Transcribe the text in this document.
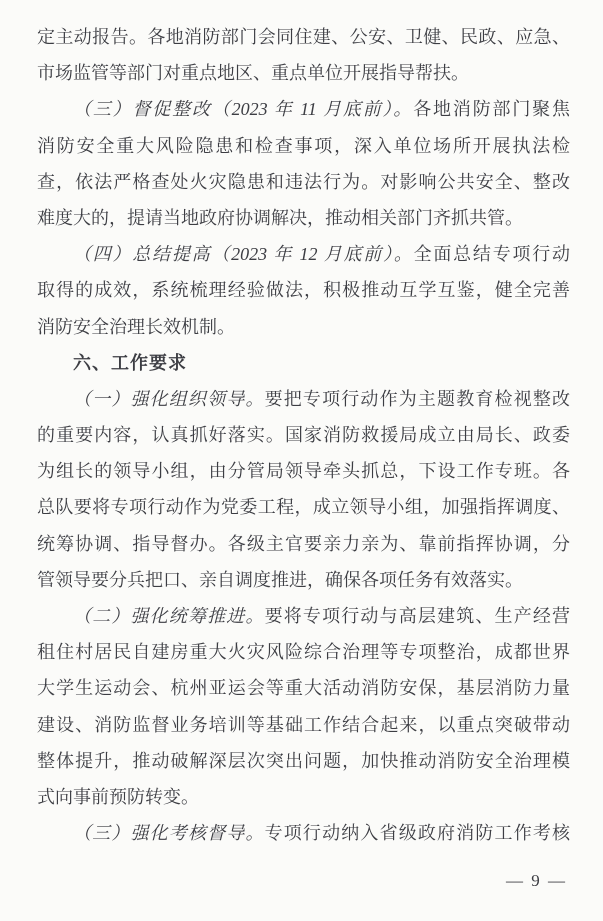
定主动报告。各地消防部门会同住建、公安、卫健、民政、应急、
市场监管等部门对重点地区、重点单位开展指导帮扶。
（三）督促整改（2023 年 11 月底前）。各地消防部门聚焦
消防安全重大风险隐患和检查事项，深入单位场所开展执法检
查，依法严格查处火灾隐患和违法行为。对影响公共安全、整改
难度大的，提请当地政府协调解决，推动相关部门齐抓共管。
（四）总结提高（2023 年 12 月底前）。全面总结专项行动
取得的成效，系统梳理经验做法，积极推动互学互鉴，健全完善
消防安全治理长效机制。
六、工作要求
（一）强化组织领导。要把专项行动作为主题教育检视整改
的重要内容，认真抓好落实。国家消防救援局成立由局长、政委
为组长的领导小组，由分管局领导牵头抓总，下设工作专班。各
总队要将专项行动作为党委工程，成立领导小组，加强指挥调度、
统筹协调、指导督办。各级主官要亲力亲为、靠前指挥协调，分
管领导要分兵把口、亲自调度推进，确保各项任务有效落实。
（二）强化统筹推进。要将专项行动与高层建筑、生产经营
租住村居民自建房重大火灾风险综合治理等专项整治，成都世界
大学生运动会、杭州亚运会等重大活动消防安保，基层消防力量
建设、消防监督业务培训等基础工作结合起来，以重点突破带动
整体提升，推动破解深层次突出问题，加快推动消防安全治理模
式向事前预防转变。
（三）强化考核督导。专项行动纳入省级政府消防工作考核
— 9 —
